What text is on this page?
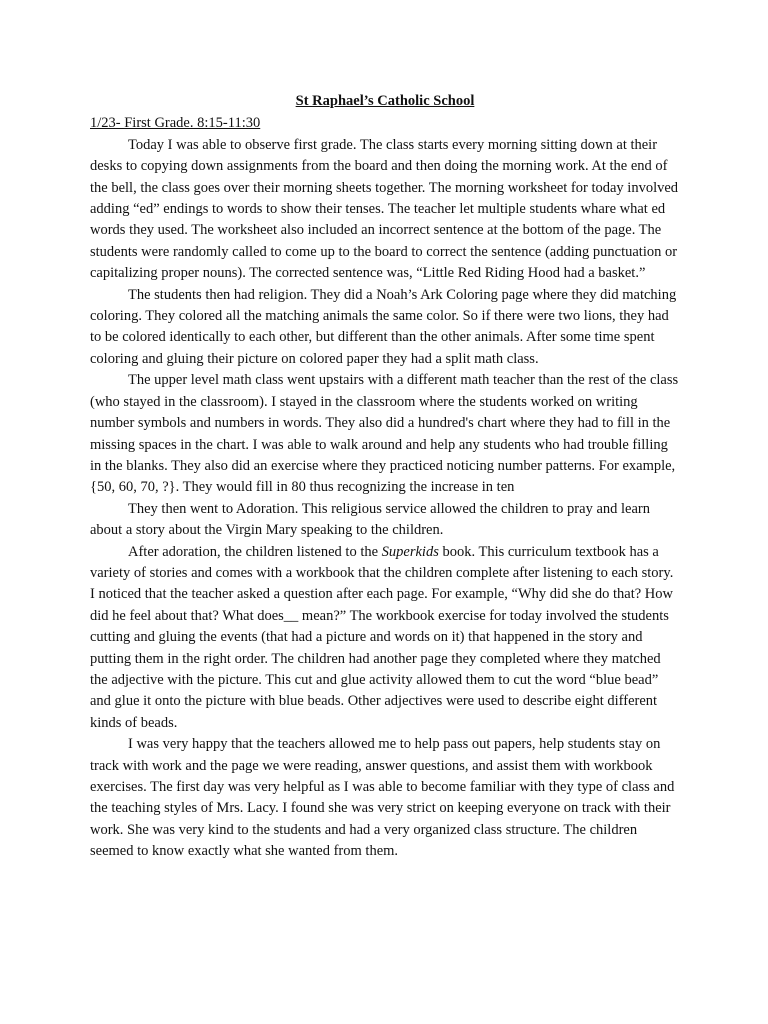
St Raphael’s Catholic School

1/23- First Grade. 8:15-11:30

Today I was able to observe first grade. The class starts every morning sitting down at their desks to copying down assignments from the board and then doing the morning work. At the end of the bell, the class goes over their morning sheets together. The morning worksheet for today involved adding “ed” endings to words to show their tenses. The teacher let multiple students whare what ed words they used. The worksheet also included an incorrect sentence at the bottom of the page. The students were randomly called to come up to the board to correct the sentence (adding punctuation or capitalizing proper nouns). The corrected sentence was, “Little Red Riding Hood had a basket.”

The students then had religion. They did a Noah’s Ark Coloring page where they did matching coloring. They colored all the matching animals the same color. So if there were two lions, they had to be colored identically to each other, but different than the other animals. After some time spent coloring and gluing their picture on colored paper they had a split math class.

The upper level math class went upstairs with a different math teacher than the rest of the class (who stayed in the classroom). I stayed in the classroom where the students worked on writing number symbols and numbers in words. They also did a hundred's chart where they had to fill in the missing spaces in the chart. I was able to walk around and help any students who had trouble filling in the blanks. They also did an exercise where they practiced noticing number patterns. For example, {50, 60, 70, ?}. They would fill in 80 thus recognizing the increase in ten

They then went to Adoration. This religious service allowed the children to pray and learn about a story about the Virgin Mary speaking to the children.

After adoration, the children listened to the Superkids book. This curriculum textbook has a variety of stories and comes with a workbook that the children complete after listening to each story. I noticed that the teacher asked a question after each page. For example, “Why did she do that? How did he feel about that? What does__ mean?” The workbook exercise for today involved the students cutting and gluing the events (that had a picture and words on it) that happened in the story and putting them in the right order. The children had another page they completed where they matched the adjective with the picture. This cut and glue activity allowed them to cut the word “blue bead” and glue it onto the picture with blue beads. Other adjectives were used to describe eight different kinds of beads.

I was very happy that the teachers allowed me to help pass out papers, help students stay on track with work and the page we were reading, answer questions, and assist them with workbook exercises. The first day was very helpful as I was able to become familiar with they type of class and the teaching styles of Mrs. Lacy. I found she was very strict on keeping everyone on track with their work. She was very kind to the students and had a very organized class structure. The children seemed to know exactly what she wanted from them.
